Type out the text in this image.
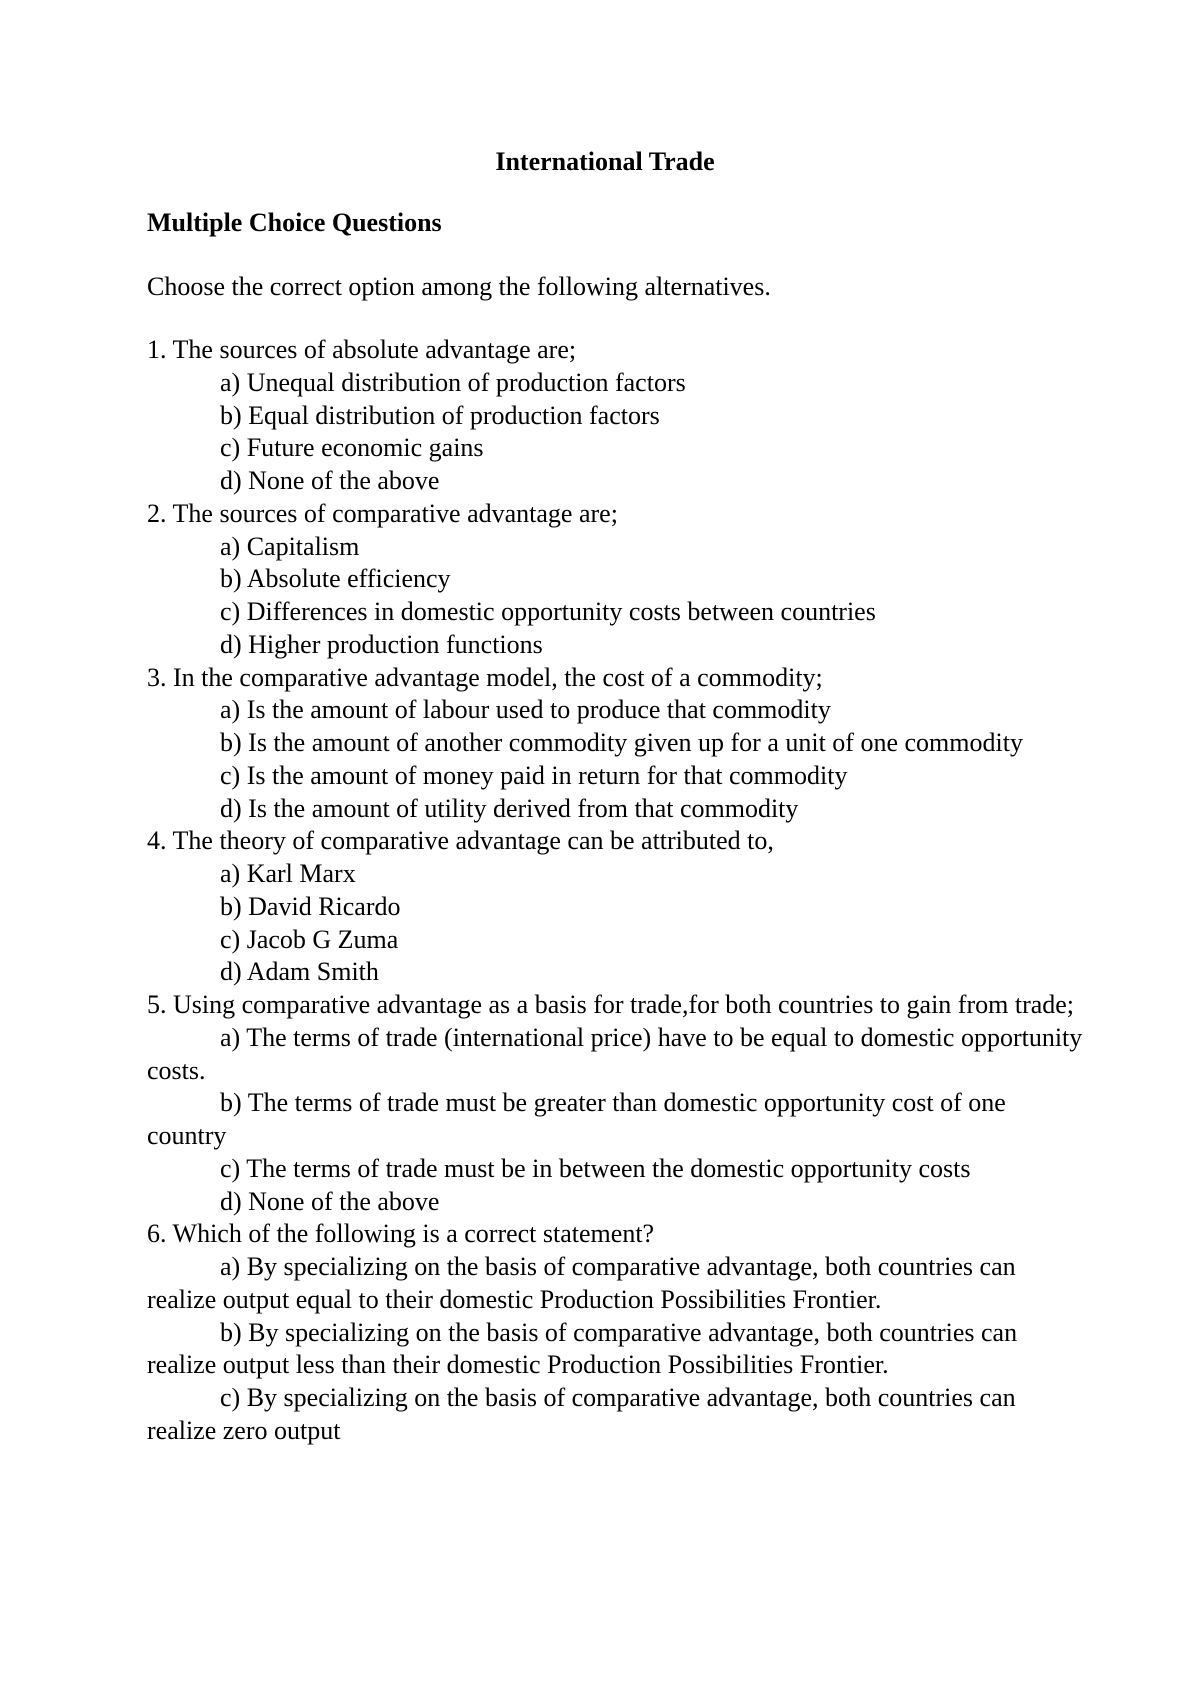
International Trade
Multiple Choice Questions
Choose the correct option among the following alternatives.

1. The sources of absolute advantage are;

a) Unequal distribution of production factors

b) Equal distribution of production factors

c) Future economic gains

d) None of the above

2. The sources of comparative advantage are;

a) Capitalism

b) Absolute efficiency

c) Differences in domestic opportunity costs between countries

d) Higher production functions

3. In the comparative advantage model, the cost of a commodity;

a) Is the amount of labour used to produce that commodity

b) Is the amount of another commodity given up for a unit of one commodity

c) Is the amount of money paid in return for that commodity

d) Is the amount of utility derived from that commodity

4. The theory of comparative advantage can be attributed to,

a) Karl Marx

b) David Ricardo

c) Jacob G Zuma

d) Adam Smith

5. Using comparative advantage as a basis for trade,for both countries to gain from trade;

a) The terms of trade (international price) have to be equal to domestic opportunity costs.

b) The terms of trade must be greater than domestic opportunity cost of one country

c) The terms of trade must be in between the domestic opportunity costs

d) None of the above

6. Which of the following is a correct statement?

a) By specializing on the basis of comparative advantage, both countries can realize output equal to their domestic Production Possibilities Frontier.

b) By specializing on the basis of comparative advantage, both countries can realize output less than their domestic Production Possibilities Frontier.

c) By specializing on the basis of comparative advantage, both countries can realize zero output
